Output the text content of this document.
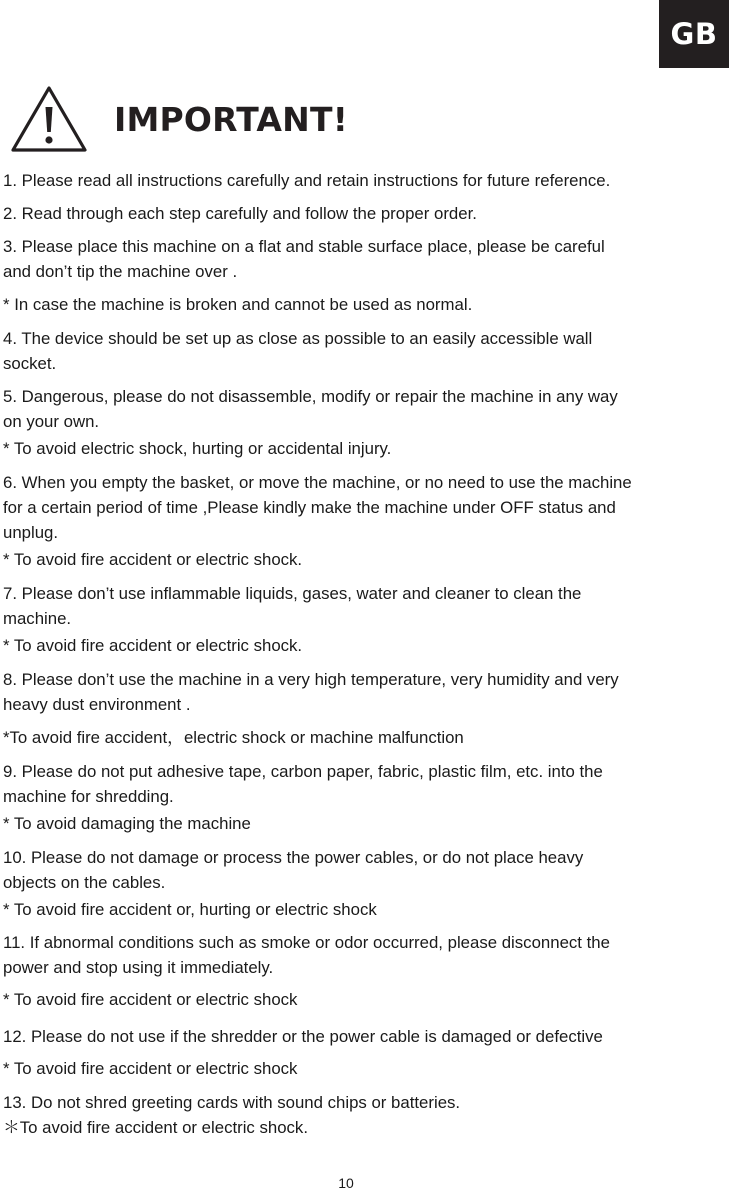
GB
IMPORTANT!
1. Please read all instructions carefully and retain instructions for future reference.
2. Read through each step carefully and follow the proper order.
3. Please place this machine on a flat and stable surface place, please be careful
and don’t tip the machine over .
* In case the machine is broken and cannot be used as normal.
4. The device should be set up as close as possible to an easily accessible wall
socket.
5. Dangerous, please do not disassemble, modify or repair the machine in any way
on your own.
* To avoid electric shock, hurting or accidental injury.
6. When you empty the basket, or move the machine, or no need to use the machine
for a certain period of time ,Please kindly make the machine under OFF status and
unplug.
* To avoid fire accident or electric shock.
7. Please don’t use inflammable liquids, gases, water and cleaner to clean the
machine.
* To avoid fire accident or electric shock.
8. Please don’t use the machine in a very high temperature, very humidity and very
heavy dust environment .
*To avoid fire accident，electric shock or machine malfunction
9. Please do not put adhesive tape, carbon paper, fabric, plastic film, etc. into the
machine for shredding.
* To avoid damaging the machine
10. Please do not damage or process the power cables, or do not place heavy
objects on the cables.
* To avoid fire accident or, hurting or electric shock
11. If abnormal conditions such as smoke or odor occurred, please disconnect the
power and stop using it immediately.
* To avoid fire accident or electric shock
12. Please do not use if the shredder or the power cable is damaged or defective
* To avoid fire accident or electric shock
13. Do not shred greeting cards with sound chips or batteries.
＊To avoid fire accident or electric shock.
10
